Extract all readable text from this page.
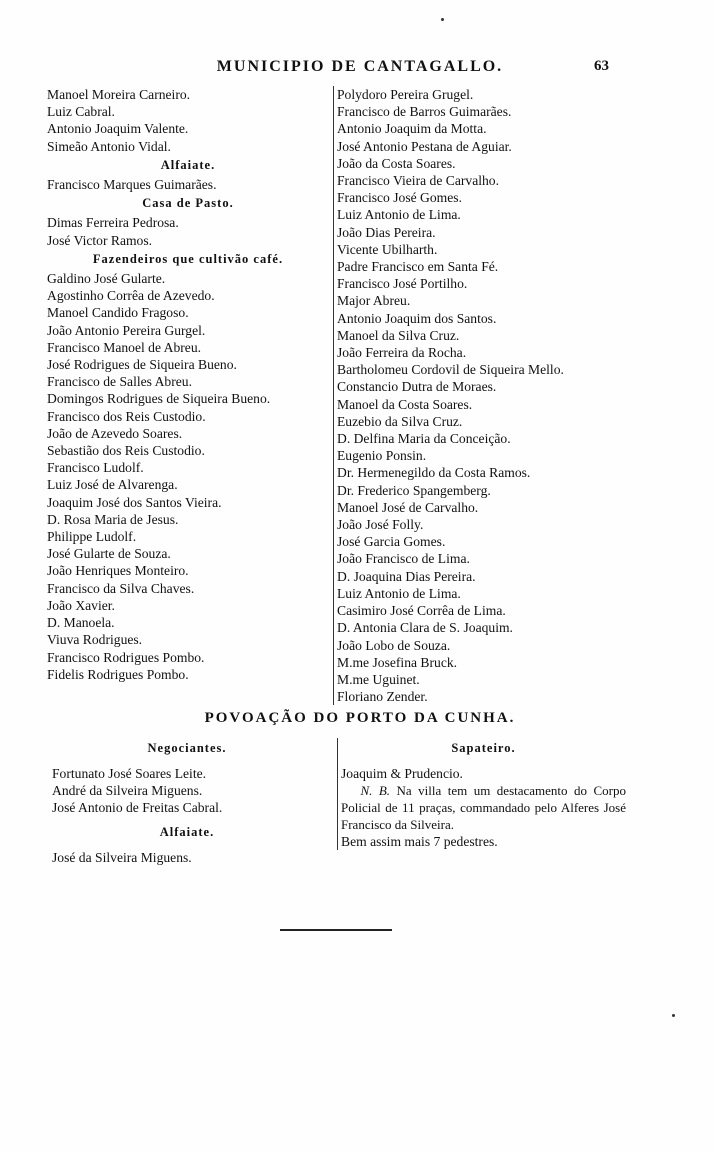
MUNICIPIO DE CANTAGALLO.	63
Manoel Moreira Carneiro.
Luiz Cabral.
Antonio Joaquim Valente.
Simeão Antonio Vidal.
Alfaiate.
Francisco Marques Guimarães.
Casa de Pasto.
Dimas Ferreira Pedrosa.
José Victor Ramos.
Fazendeiros que cultivão café.
Galdino José Gularte.
Agostinho Corrêa de Azevedo.
Manoel Candido Fragoso.
João Antonio Pereira Gurgel.
Francisco Manoel de Abreu.
José Rodrigues de Siqueira Bueno.
Francisco de Salles Abreu.
Domingos Rodrigues de Siqueira Bueno.
Francisco dos Reis Custodio.
João de Azevedo Soares.
Sebastião dos Reis Custodio.
Francisco Ludolf.
Luiz José de Alvarenga.
Joaquim José dos Santos Vieira.
D. Rosa Maria de Jesus.
Philippe Ludolf.
José Gularte de Souza.
João Henriques Monteiro.
Francisco da Silva Chaves.
João Xavier.
D. Manoela.
Viuva Rodrigues.
Francisco Rodrigues Pombo.
Fidelis Rodrigues Pombo.
Polydoro Pereira Grugel.
Francisco de Barros Guimarães.
Antonio Joaquim da Motta.
José Antonio Pestana de Aguiar.
João da Costa Soares.
Francisco Vieira de Carvalho.
Francisco José Gomes.
Luiz Antonio de Lima.
João Dias Pereira.
Vicente Ubilharth.
Padre Francisco em Santa Fé.
Francisco José Portilho.
Major Abreu.
Antonio Joaquim dos Santos.
Manoel da Silva Cruz.
João Ferreira da Rocha.
Bartholomeu Cordovil de Siqueira Mello.
Constancio Dutra de Moraes.
Manoel da Costa Soares.
Euzebio da Silva Cruz.
D. Delfina Maria da Conceição.
Eugenio Ponsin.
Dr. Hermenegildo da Costa Ramos.
Dr. Frederico Spangemberg.
Manoel José de Carvalho.
João José Folly.
José Garcia Gomes.
João Francisco de Lima.
D. Joaquina Dias Pereira.
Luiz Antonio de Lima.
Casimiro José Corrêa de Lima.
D. Antonia Clara de S. Joaquim.
João Lobo de Souza.
M.me Josefina Bruck.
M.me Uguinet.
Floriano Zender.
POVOAÇÃO DO PORTO DA CUNHA.
Negociantes.
Fortunato José Soares Leite.
André da Silveira Miguens.
José Antonio de Freitas Cabral.
Alfaiate.
José da Silveira Miguens.
Sapateiro.
Joaquim & Prudencio.
N. B. Na villa tem um destacamento do Corpo Policial de 11 praças, commandado pelo Alferes José Francisco da Silveira.
Bem assim mais 7 pedestres.
